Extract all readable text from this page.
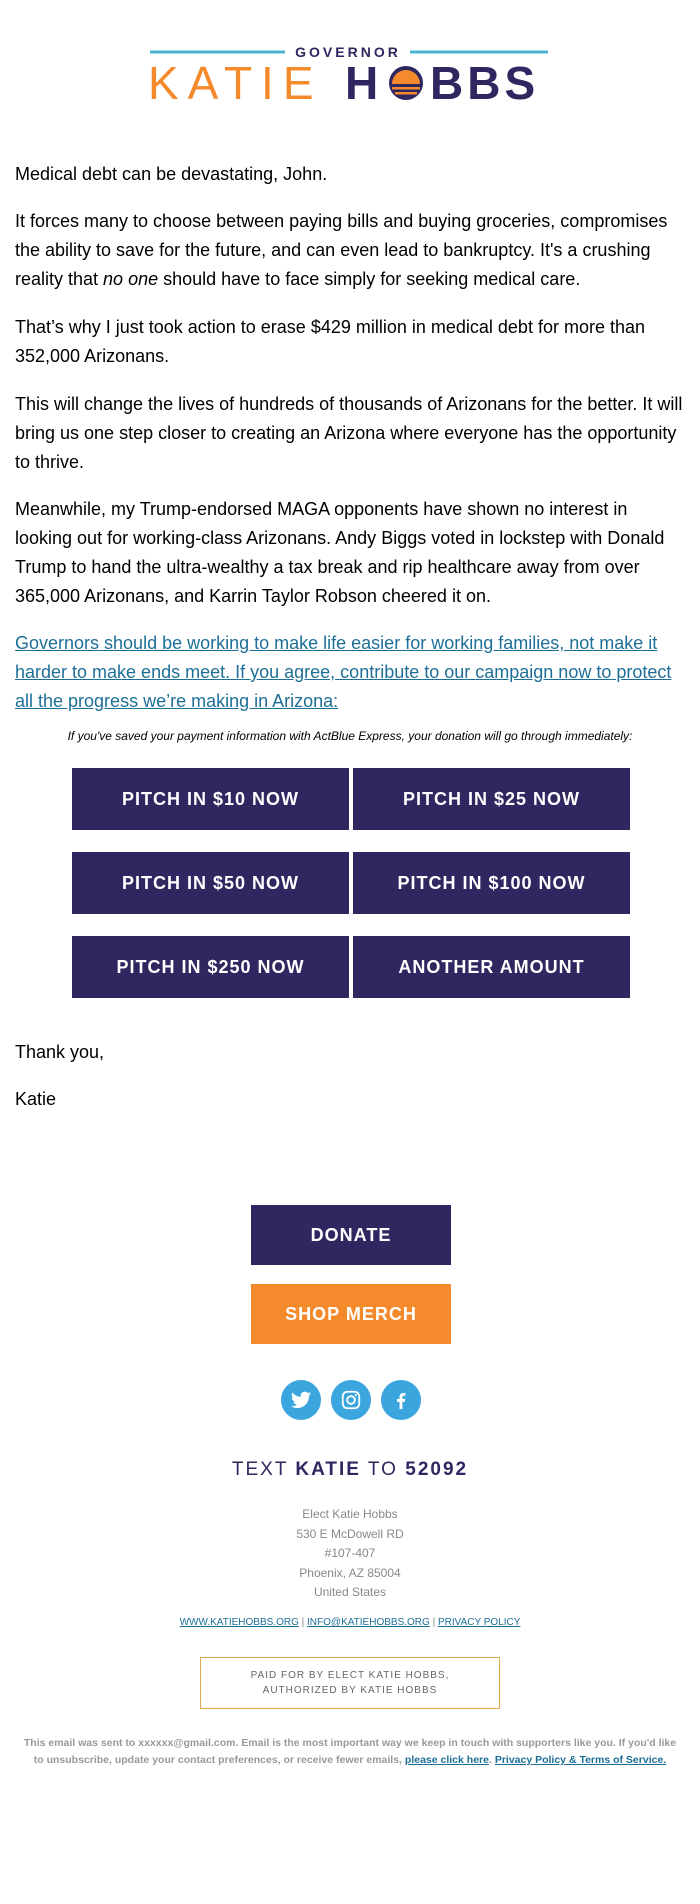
GOVERNOR
KATIE H BBS

Medical debt can be devastating, John.

It forces many to choose between paying bills and buying groceries, compromises the ability to save for the future, and can even lead to bankruptcy. It's a crushing reality that no one should have to face simply for seeking medical care.

That’s why I just took action to erase $429 million in medical debt for more than 352,000 Arizonans.

This will change the lives of hundreds of thousands of Arizonans for the better. It will bring us one step closer to creating an Arizona where everyone has the opportunity to thrive.

Meanwhile, my Trump-endorsed MAGA opponents have shown no interest in looking out for working-class Arizonans. Andy Biggs voted in lockstep with Donald Trump to hand the ultra-wealthy a tax break and rip healthcare away from over 365,000 Arizonans, and Karrin Taylor Robson cheered it on.

Governors should be working to make life easier for working families, not make it harder to make ends meet. If you agree, contribute to our campaign now to protect all the progress we’re making in Arizona:

If you've saved your payment information with ActBlue Express, your donation will go through immediately:
PITCH IN $10 NOW	PITCH IN $25 NOW
PITCH IN $50 NOW	PITCH IN $100 NOW
PITCH IN $250 NOW	ANOTHER AMOUNT
Thank you,
Katie
DONATE
SHOP MERCH
TEXT KATIE TO 52092
Elect Katie Hobbs
530 E McDowell RD
#107-407
Phoenix, AZ 85004
United States
WWW.KATIEHOBBS.ORG | INFO@KATIEHOBBS.ORG | PRIVACY POLICY
PAID FOR BY ELECT KATIE HOBBS,
AUTHORIZED BY KATIE HOBBS
This email was sent to xxxxxx@gmail.com. Email is the most important way we keep in touch with supporters like you. If you'd like to unsubscribe, update your contact preferences, or receive fewer emails, please click here. Privacy Policy & Terms of Service.
